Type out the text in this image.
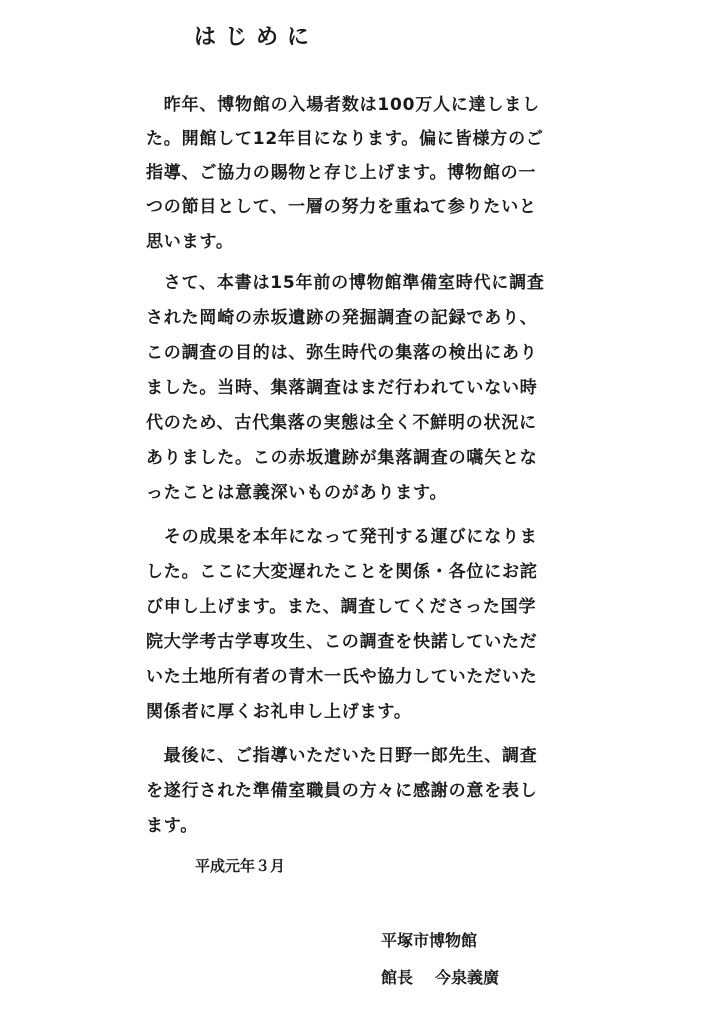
はじめに
　昨年、博物館の入場者数は100万人に達しまし
た。開館して12年目になります。偏に皆様方のご
指導、ご協力の賜物と存じ上げます。博物館の一
つの節目として、一層の努力を重ねて参りたいと
思います。
　さて、本書は15年前の博物館準備室時代に調査
された岡崎の赤坂遺跡の発掘調査の記録であり、
この調査の目的は、弥生時代の集落の検出にあり
ました。当時、集落調査はまだ行われていない時
代のため、古代集落の実態は全く不鮮明の状況に
ありました。この赤坂遺跡が集落調査の嚆矢とな
ったことは意義深いものがあります。
　その成果を本年になって発刊する運びになりま
した。ここに大変遅れたことを関係・各位にお詫
び申し上げます。また、調査してくださった国学
院大学考古学専攻生、この調査を快諾していただ
いた土地所有者の青木一氏や協力していただいた
関係者に厚くお礼申し上げます。
　最後に、ご指導いただいた日野一郎先生、調査
を遂行された準備室職員の方々に感謝の意を表し
ます。
平成元年３月
平塚市博物館
館長 今泉義廣
